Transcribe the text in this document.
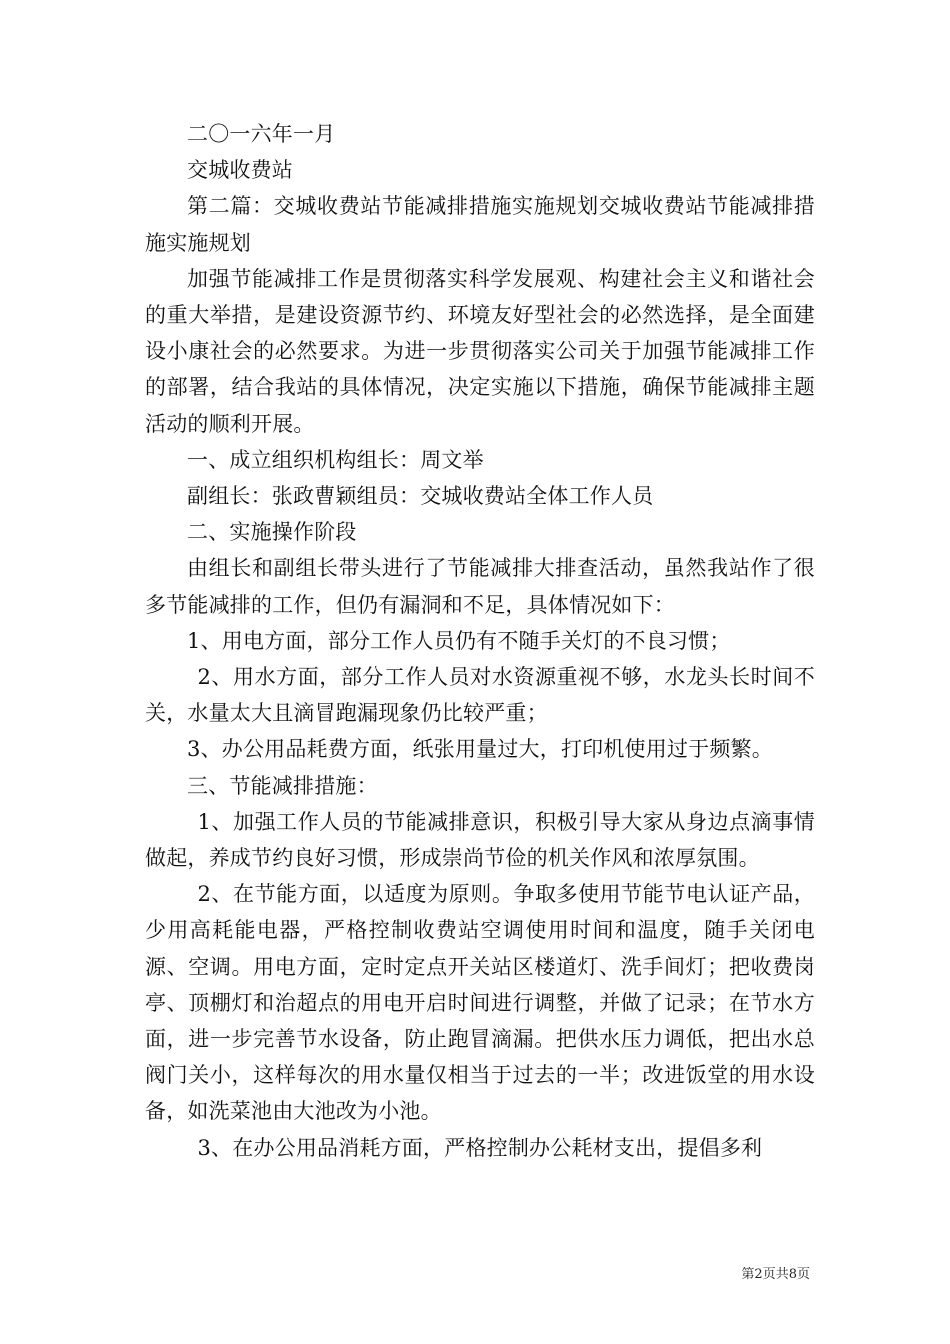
二〇一六年一月

交城收费站

第二篇：交城收费站节能减排措施实施规划交城收费站节能减排措施实施规划

加强节能减排工作是贯彻落实科学发展观、构建社会主义和谐社会的重大举措，是建设资源节约、环境友好型社会的必然选择，是全面建设小康社会的必然要求。为进一步贯彻落实公司关于加强节能减排工作的部署，结合我站的具体情况，决定实施以下措施，确保节能减排主题活动的顺利开展。

一、成立组织机构组长：周文举

副组长：张政曹颖组员：交城收费站全体工作人员

二、实施操作阶段

由组长和副组长带头进行了节能减排大排查活动，虽然我站作了很多节能减排的工作，但仍有漏洞和不足，具体情况如下：

1、用电方面，部分工作人员仍有不随手关灯的不良习惯；

2、用水方面，部分工作人员对水资源重视不够，水龙头长时间不关，水量太大且滴冒跑漏现象仍比较严重；

3、办公用品耗费方面，纸张用量过大，打印机使用过于频繁。

三、节能减排措施：

1、加强工作人员的节能减排意识，积极引导大家从身边点滴事情做起，养成节约良好习惯，形成崇尚节俭的机关作风和浓厚氛围。

2、在节能方面，以适度为原则。争取多使用节能节电认证产品，少用高耗能电器，严格控制收费站空调使用时间和温度，随手关闭电源、空调。用电方面，定时定点开关站区楼道灯、洗手间灯；把收费岗亭、顶棚灯和治超点的用电开启时间进行调整，并做了记录；在节水方面，进一步完善节水设备，防止跑冒滴漏。把供水压力调低，把出水总阀门关小，这样每次的用水量仅相当于过去的一半；改进饭堂的用水设备，如洗菜池由大池改为小池。

3、在办公用品消耗方面，严格控制办公耗材支出，提倡多利

第2页共8页
